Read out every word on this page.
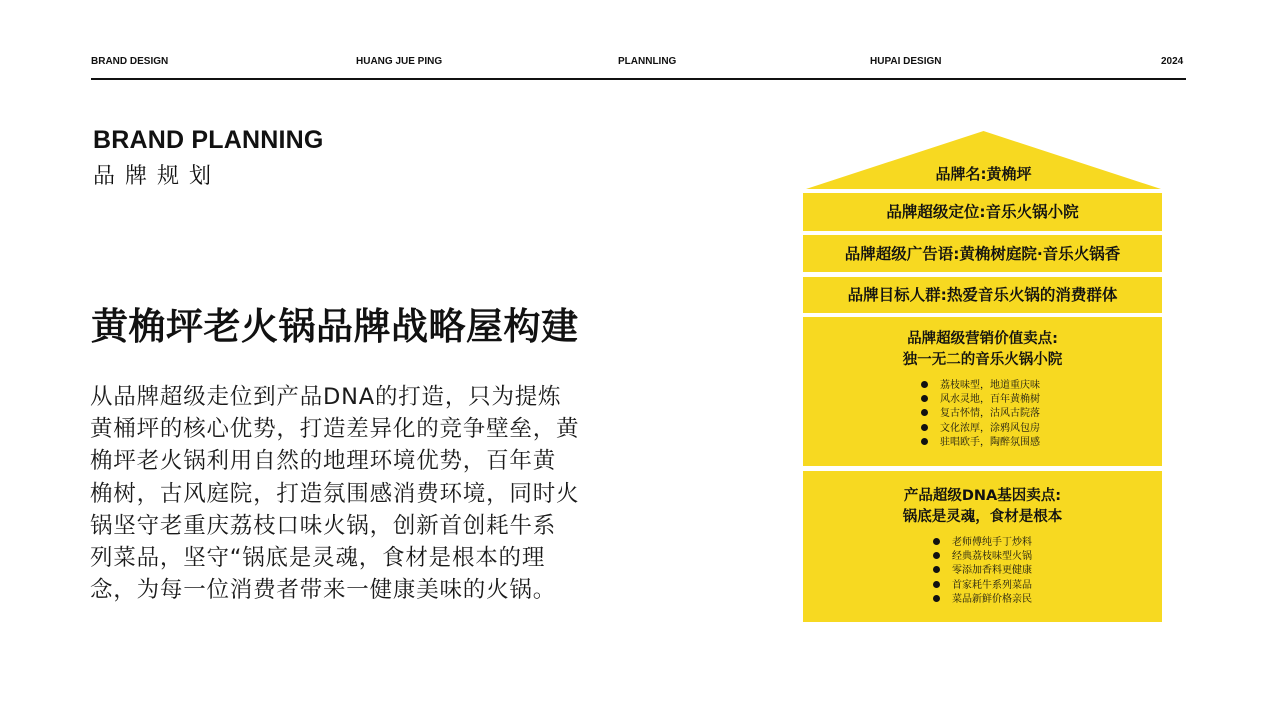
BRAND DESIGN	HUANG JUE PING	PLANNLING	HUPAI DESIGN	2024
BRAND PLANNING
品牌规划
黄桷坪老火锅品牌战略屋构建
从品牌超级走位到产品DNA的打造，只为提炼
黄桶坪的核心优势，打造差异化的竞争壁垒，黄
桷坪老火锅利用自然的地理环境优势，百年黄
桷树，古风庭院，打造氛围感消费环境，同时火
锅坚守老重庆荔枝口味火锅，创新首创耗牛系
列菜品，坚守“锅底是灵魂，食材是根本的理
念，为每一位消费者带来一健康美味的火锅。
品牌名:黄桷坪
品牌超级定位:音乐火锅小院
品牌超级广告语:黄桷树庭院·音乐火锅香
品牌目标人群:热爱音乐火锅的消费群体
品牌超级营销价值卖点:
独一无二的音乐火锅小院
荔枝味型，地道重庆味
风水灵地，百年黄桷树
复古怀情，沽风古院落
文化浓厚，涂鸦风包房
驻唱欧手，陶醉氛围感
产品超级DNA基因卖点:
锅底是灵魂，食材是根本
老师傅纯手丁炒料
经典荔枝味型火锅
零添加香料更健康
首家耗牛系列菜品
菜品新鲜价格亲民
